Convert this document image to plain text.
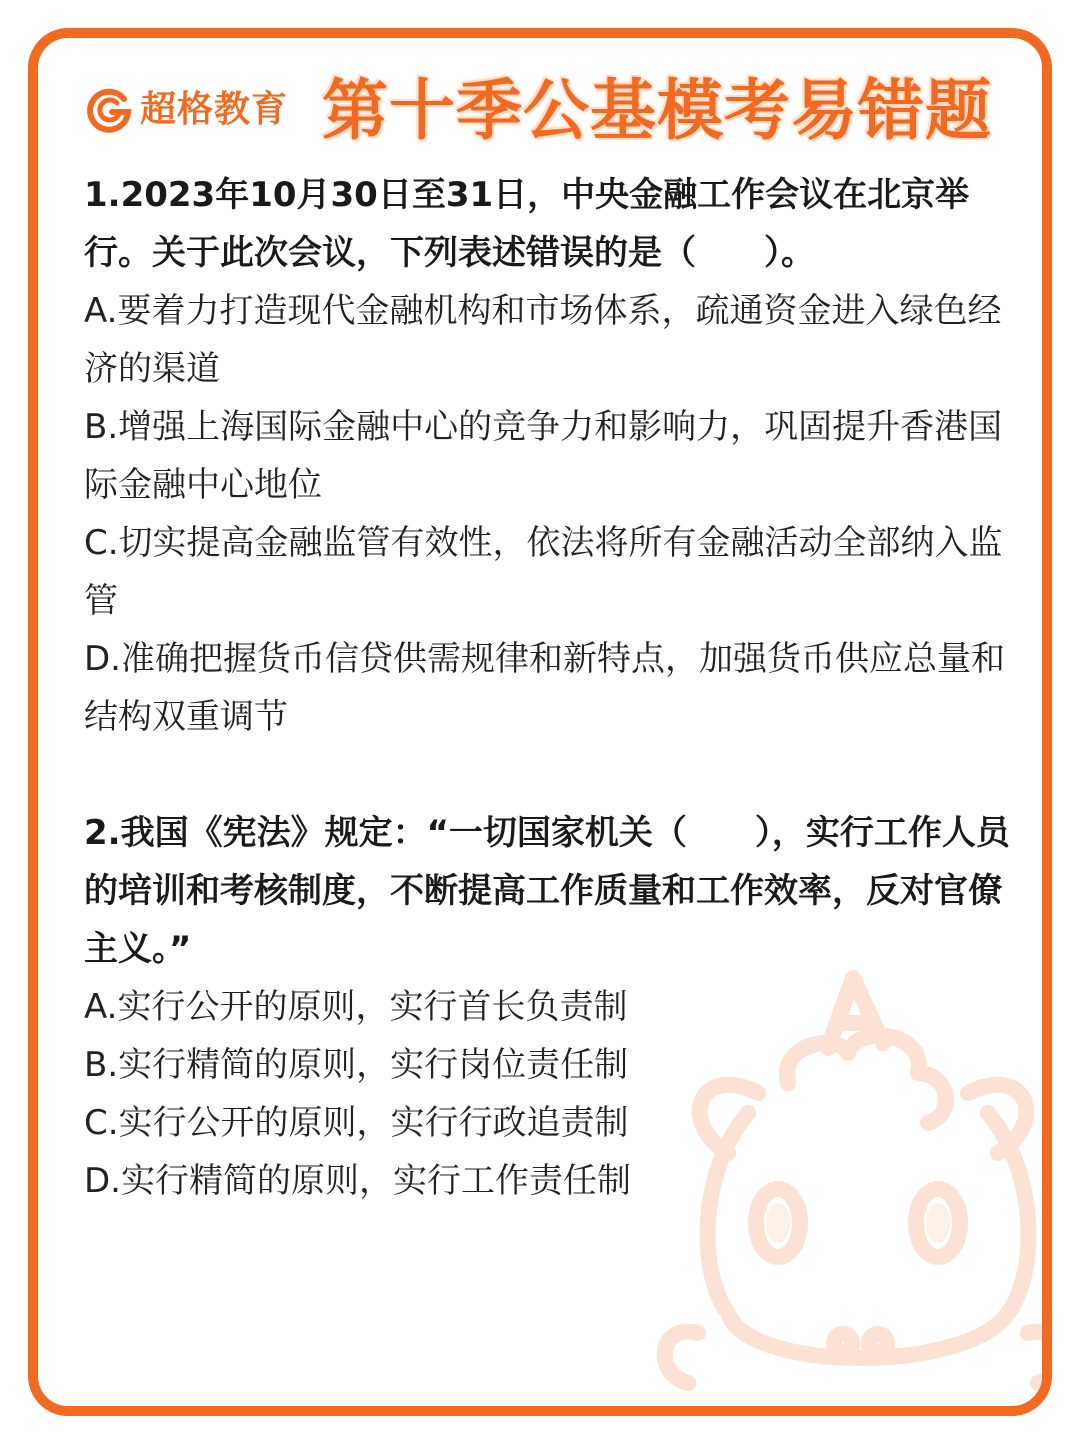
超格教育 第十季公基模考易错题

1.2023年10月30日至31日，中央金融工作会议在北京举行。关于此次会议，下列表述错误的是（　　）。

A.要着力打造现代金融机构和市场体系，疏通资金进入绿色经济的渠道

B.增强上海国际金融中心的竞争力和影响力，巩固提升香港国际金融中心地位

C.切实提高金融监管有效性，依法将所有金融活动全部纳入监管

D.准确把握货币信贷供需规律和新特点，加强货币供应总量和结构双重调节

2.我国《宪法》规定：“一切国家机关（　　），实行工作人员的培训和考核制度，不断提高工作质量和工作效率，反对官僚主义。”

A.实行公开的原则，实行首长负责制

B.实行精简的原则，实行岗位责任制

C.实行公开的原则，实行行政追责制

D.实行精简的原则，实行工作责任制
